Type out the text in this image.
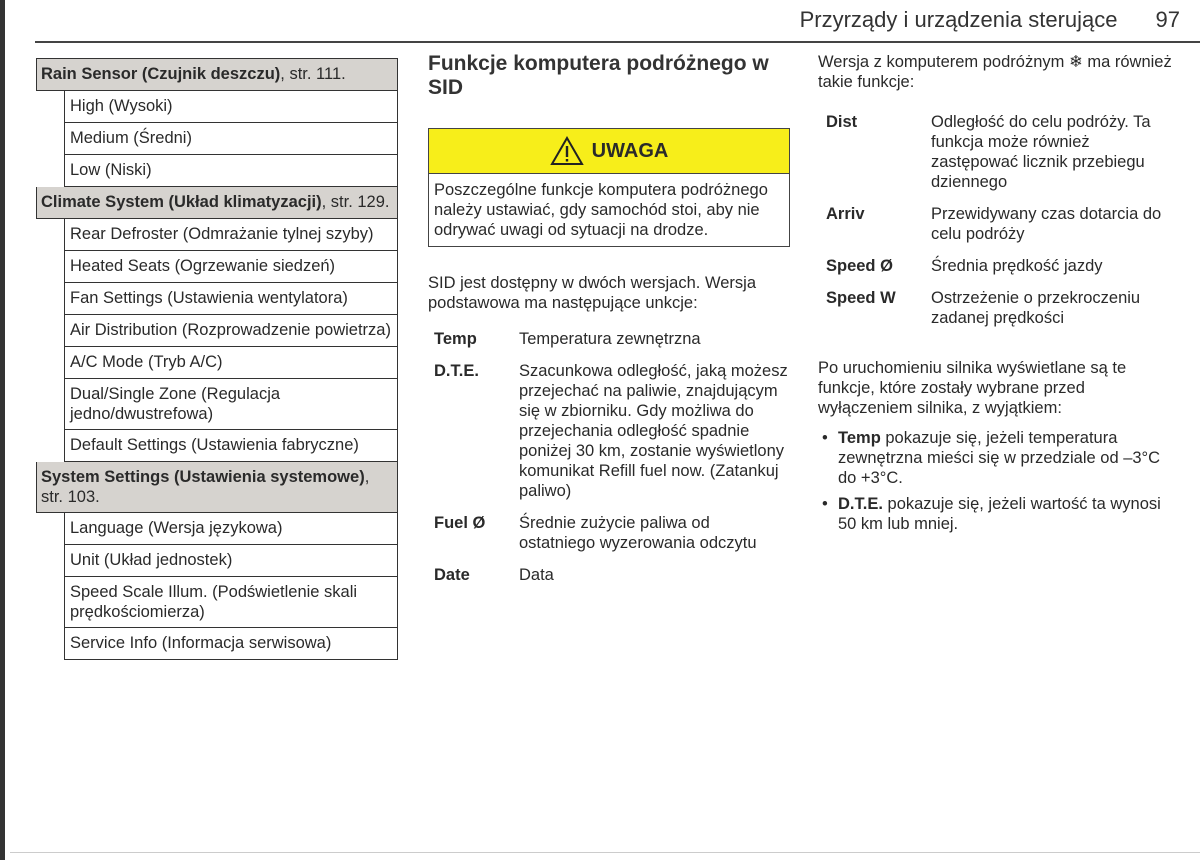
Przyrządy i urządzenia sterujące 97
Rain Sensor (Czujnik deszczu), str. 111.
High (Wysoki)
Medium (Średni)
Low (Niski)
Climate System (Układ klimatyzacji), str. 129.
Rear Defroster (Odmrażanie tylnej szyby)
Heated Seats (Ogrzewanie siedzeń)
Fan Settings (Ustawienia wentylatora)
Air Distribution (Rozprowadzenie powietrza)
A/C Mode (Tryb A/C)
Dual/Single Zone (Regulacja jedno/dwustrefowa)
Default Settings (Ustawienia fabryczne)
System Settings (Ustawienia systemowe), str. 103.
Language (Wersja językowa)
Unit (Układ jednostek)
Speed Scale Illum. (Podświetlenie skali prędkościomierza)
Service Info (Informacja serwisowa)
Funkcje komputera podróżnego w SID
UWAGA
Poszczególne funkcje komputera podróżnego należy ustawiać, gdy samochód stoi, aby nie odrywać uwagi od sytuacji na drodze.

SID jest dostępny w dwóch wersjach. Wersja podstawowa ma następujące unkcje:

Temp	Temperatura zewnętrzna
D.T.E.	Szacunkowa odległość, jaką możesz przejechać na paliwie, znajdującym się w zbiorniku. Gdy możliwa do przejechania odległość spadnie poniżej 30 km, zostanie wyświetlony komunikat Refill fuel now. (Zatankuj paliwo)
Fuel Ø	Średnie zużycie paliwa od ostatniego wyzerowania odczytu
Date	Data
Wersja z komputerem podróżnym ❄ ma również takie funkcje:
Dist	Odległość do celu podróży. Ta funkcja może również zastępować licznik przebiegu dziennego
Arriv	Przewidywany czas dotarcia do celu podróży
Speed Ø	Średnia prędkość jazdy
Speed W	Ostrzeżenie o przekroczeniu zadanej prędkości

Po uruchomieniu silnika wyświetlane są te funkcje, które zostały wybrane przed wyłączeniem silnika, z wyjątkiem:

• Temp pokazuje się, jeżeli temperatura zewnętrzna mieści się w przedziale od –3°C do +3°C.
• D.T.E. pokazuje się, jeżeli wartość ta wynosi 50 km lub mniej.
